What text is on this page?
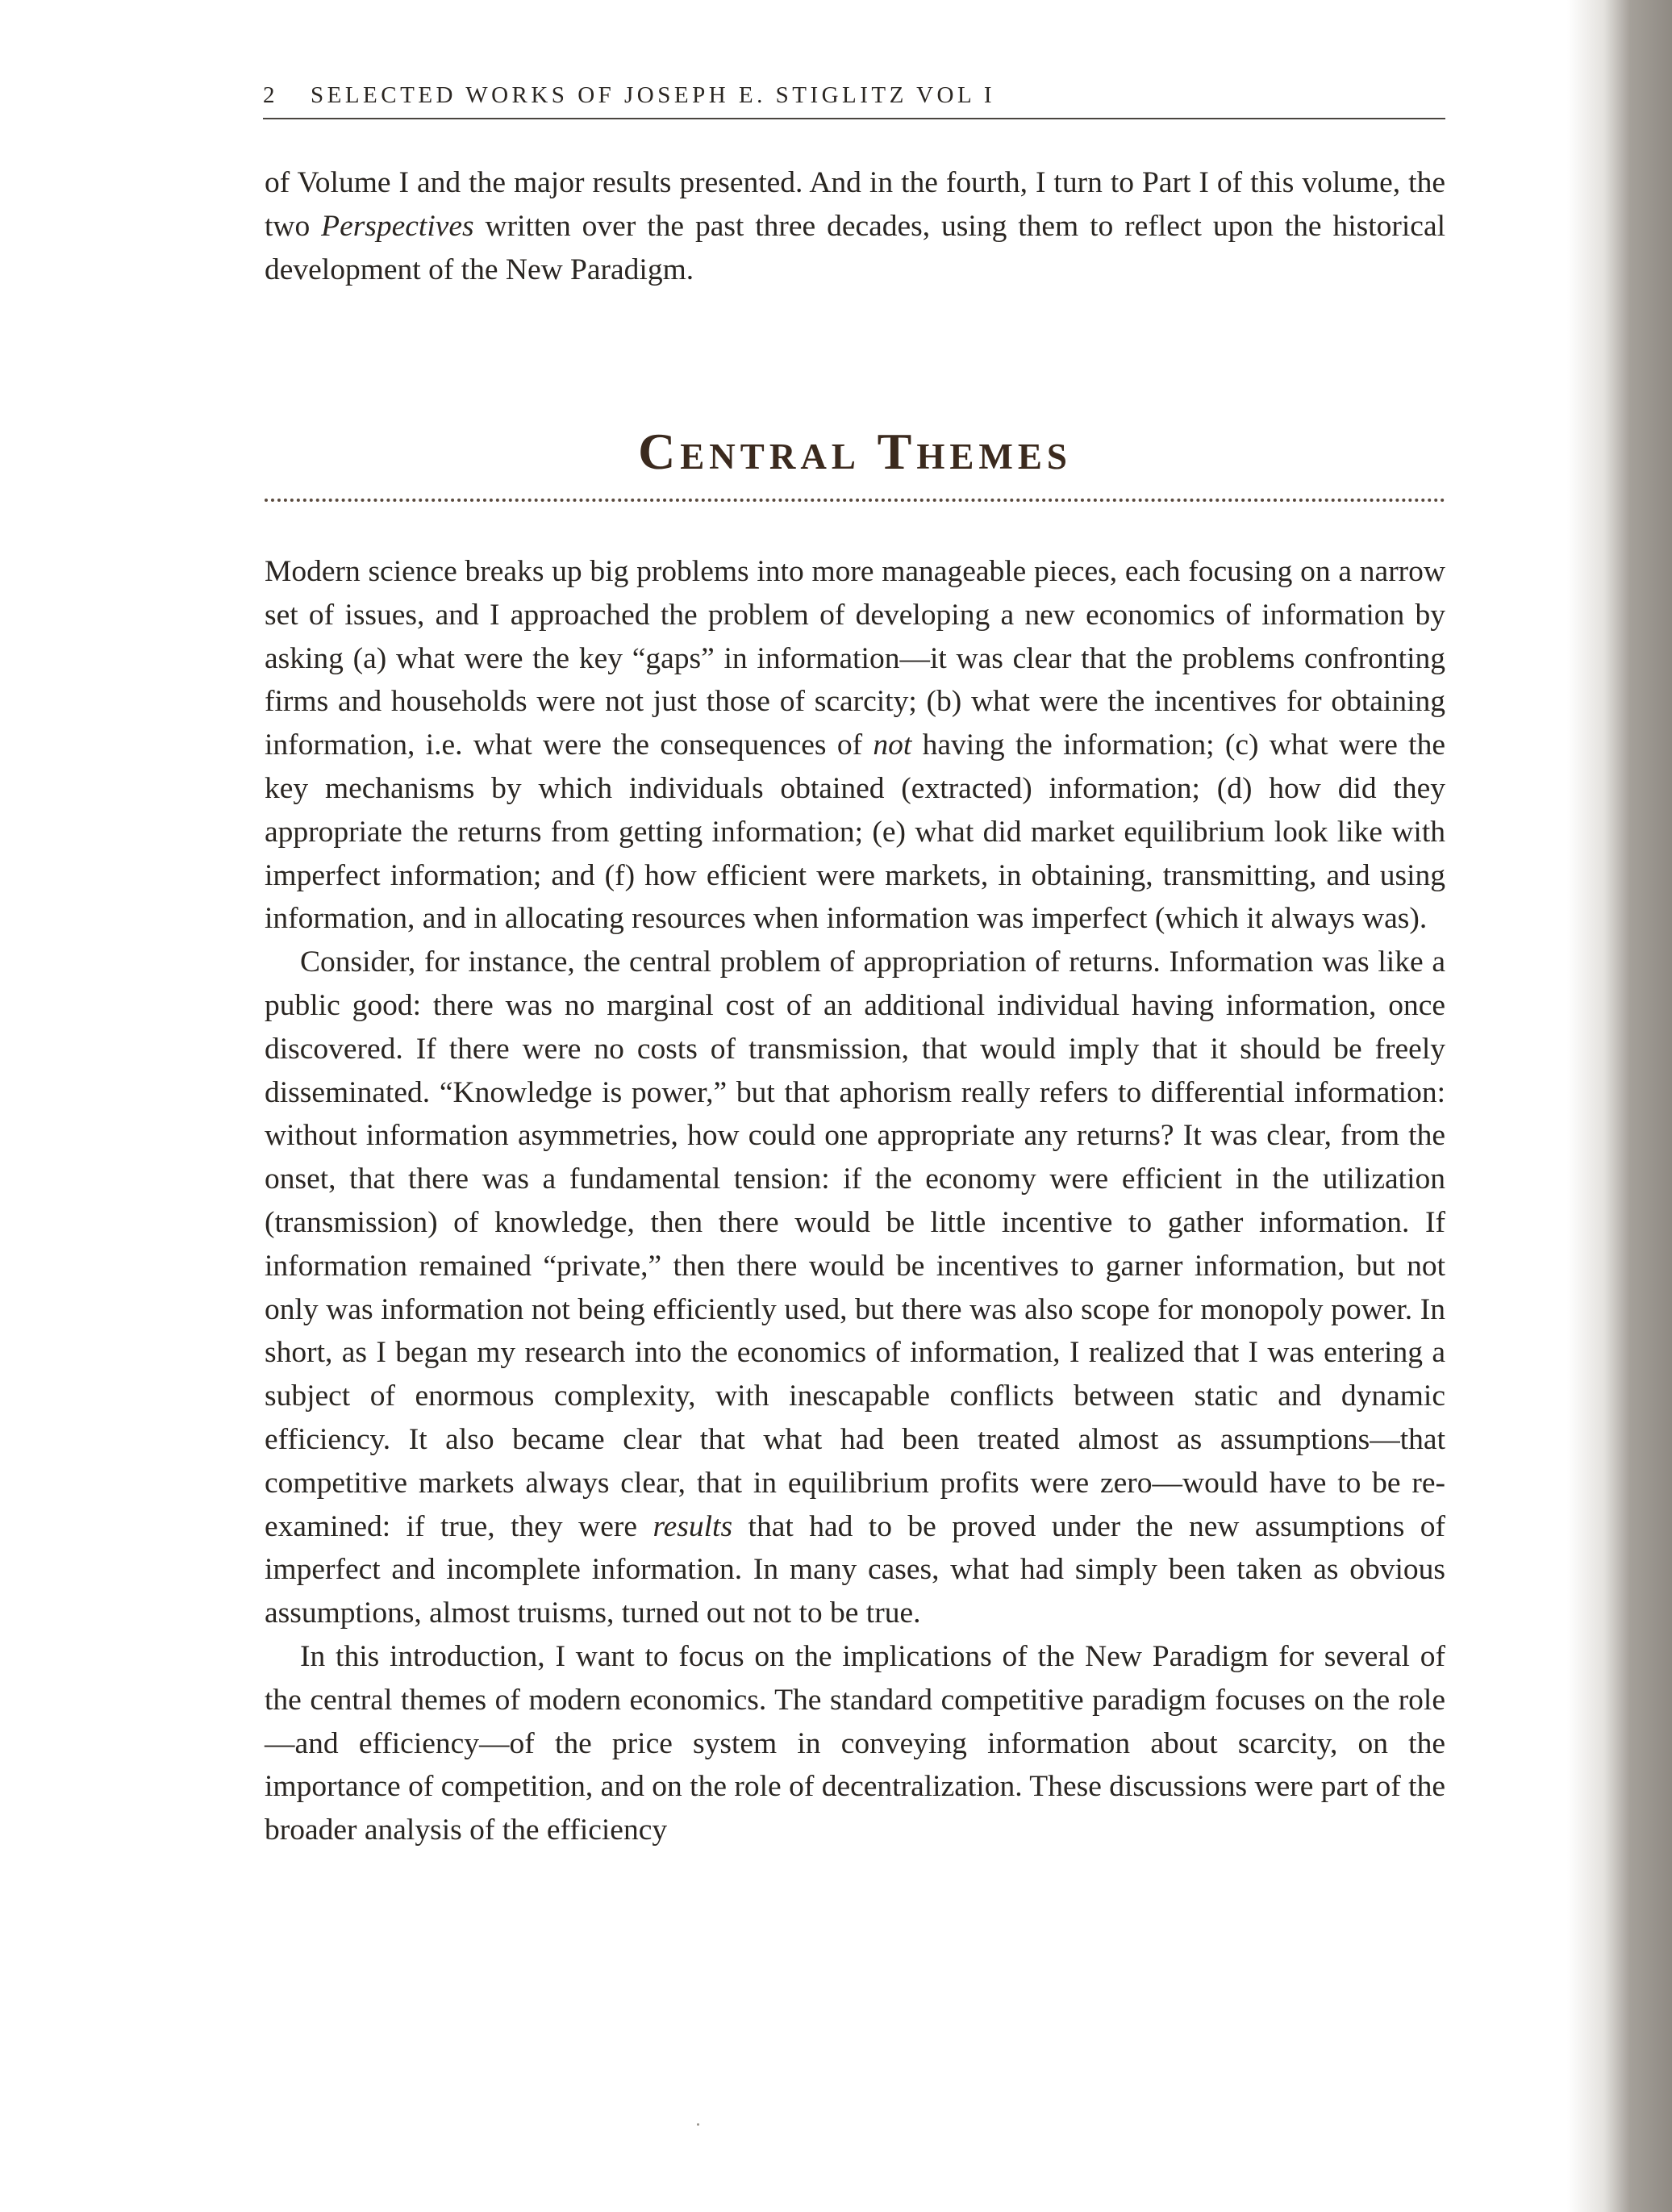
2 SELECTED WORKS OF JOSEPH E. STIGLITZ VOL I

of Volume I and the major results presented. And in the fourth, I turn to Part I of this volume, the two Perspectives written over the past three decades, using them to reflect upon the historical development of the New Paradigm.

Central Themes

Modern science breaks up big problems into more manageable pieces, each focusing on a narrow set of issues, and I approached the problem of developing a new economics of information by asking (a) what were the key “gaps” in information—it was clear that the problems confronting firms and households were not just those of scarcity; (b) what were the incentives for obtaining information, i.e. what were the consequences of not having the information; (c) what were the key mechanisms by which individuals obtained (extracted) information; (d) how did they appropriate the returns from getting information; (e) what did market equilibrium look like with imperfect information; and (f) how efficient were markets, in obtaining, transmitting, and using information, and in allocating resources when information was imperfect (which it always was).

Consider, for instance, the central problem of appropriation of returns. Information was like a public good: there was no marginal cost of an additional individual having information, once discovered. If there were no costs of transmission, that would imply that it should be freely disseminated. “Knowledge is power,” but that aphorism really refers to differential information: without information asymmetries, how could one appropriate any returns? It was clear, from the onset, that there was a fundamental tension: if the economy were efficient in the utilization (transmission) of knowledge, then there would be little incentive to gather information. If information remained “private,” then there would be incentives to garner information, but not only was information not being efficiently used, but there was also scope for monopoly power. In short, as I began my research into the economics of information, I realized that I was entering a subject of enormous complexity, with inescapable conflicts between static and dynamic efficiency. It also became clear that what had been treated almost as assumptions—that competitive markets always clear, that in equilibrium profits were zero—would have to be re-examined: if true, they were results that had to be proved under the new assumptions of imperfect and incomplete information. In many cases, what had simply been taken as obvious assumptions, almost truisms, turned out not to be true.

In this introduction, I want to focus on the implications of the New Paradigm for several of the central themes of modern economics. The standard competitive paradigm focuses on the role—and efficiency—of the price system in conveying information about scarcity, on the importance of competition, and on the role of decentralization. These discussions were part of the broader analysis of the efficiency
